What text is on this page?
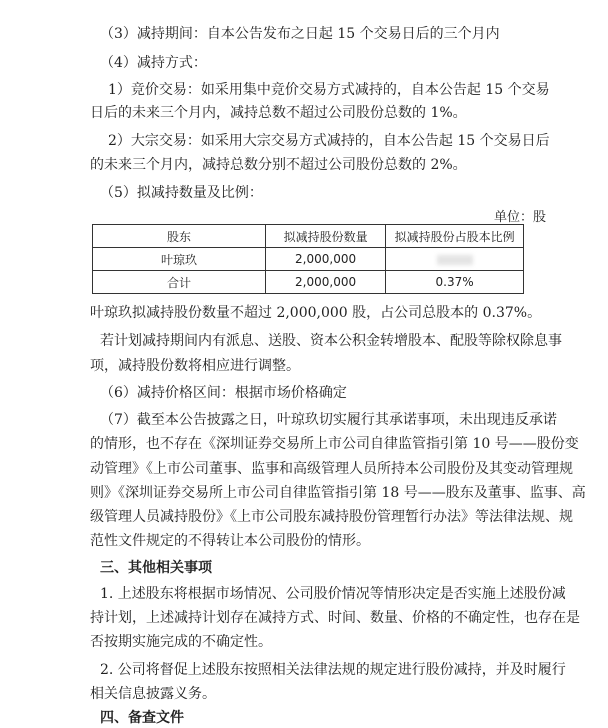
（3）减持期间：自本公告发布之日起 15 个交易日后的三个月内
（4）减持方式：
1）竞价交易：如采用集中竞价交易方式减持的，自本公告起 15 个交易
日后的未来三个月内，减持总数不超过公司股份总数的 1%。
2）大宗交易：如采用大宗交易方式减持的，自本公告起 15 个交易日后
的未来三个月内，减持总数分别不超过公司股份总数的 2%。
（5）拟减持数量及比例：
单位：股
股东	拟减持股份数量	拟减持股份占股本比例
叶琼玖	2,000,000	
合计	2,000,000	0.37%
叶琼玖拟减持股份数量不超过 2,000,000 股，占公司总股本的 0.37%。
若计划减持期间内有派息、送股、资本公积金转增股本、配股等除权除息事
项，减持股份数将相应进行调整。
（6）减持价格区间：根据市场价格确定
（7）截至本公告披露之日，叶琼玖切实履行其承诺事项，未出现违反承诺
的情形，也不存在《深圳证券交易所上市公司自律监管指引第 10 号——股份变
动管理》《上市公司董事、监事和高级管理人员所持本公司股份及其变动管理规
则》《深圳证券交易所上市公司自律监管指引第 18 号——股东及董事、监事、高
级管理人员减持股份》《上市公司股东减持股份管理暂行办法》等法律法规、规
范性文件规定的不得转让本公司股份的情形。
三、其他相关事项
1. 上述股东将根据市场情况、公司股价情况等情形决定是否实施上述股份减
持计划，上述减持计划存在减持方式、时间、数量、价格的不确定性，也存在是
否按期实施完成的不确定性。
2. 公司将督促上述股东按照相关法律法规的规定进行股份减持，并及时履行
相关信息披露义务。
四、备查文件
